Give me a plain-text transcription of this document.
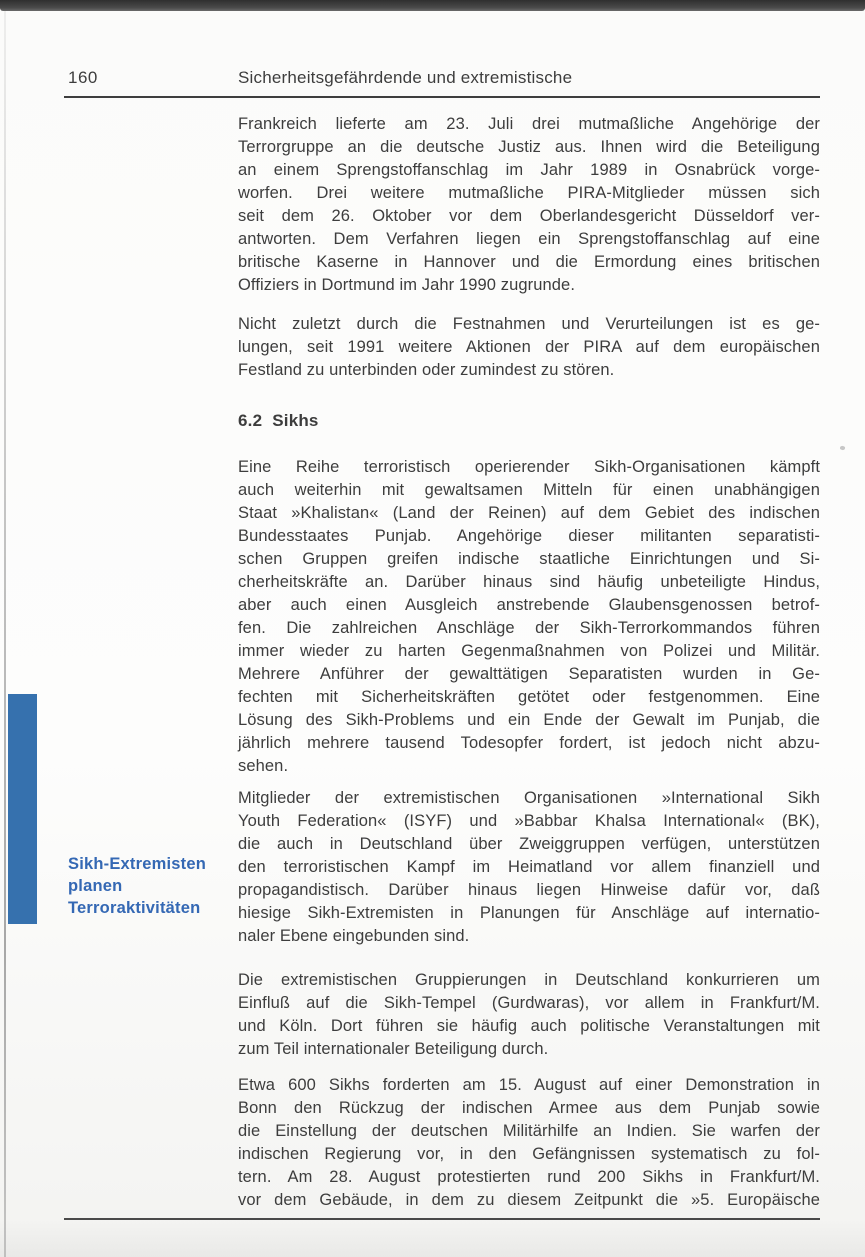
160	Sicherheitsgefährdende und extremistische
Frankreich lieferte am 23. Juli drei mutmaßliche Angehörige der
Terrorgruppe an die deutsche Justiz aus. Ihnen wird die Beteiligung
an einem Sprengstoffanschlag im Jahr 1989 in Osnabrück vorge-
worfen. Drei weitere mutmaßliche PIRA-Mitglieder müssen sich
seit dem 26. Oktober vor dem Oberlandesgericht Düsseldorf ver-
antworten. Dem Verfahren liegen ein Sprengstoffanschlag auf eine
britische Kaserne in Hannover und die Ermordung eines britischen
Offiziers in Dortmund im Jahr 1990 zugrunde.
Nicht zuletzt durch die Festnahmen und Verurteilungen ist es ge-
lungen, seit 1991 weitere Aktionen der PIRA auf dem europäischen
Festland zu unterbinden oder zumindest zu stören.
6.2 Sikhs
Eine Reihe terroristisch operierender Sikh-Organisationen kämpft
auch weiterhin mit gewaltsamen Mitteln für einen unabhängigen
Staat »Khalistan« (Land der Reinen) auf dem Gebiet des indischen
Bundesstaates Punjab. Angehörige dieser militanten separatisti-
schen Gruppen greifen indische staatliche Einrichtungen und Si-
cherheitskräfte an. Darüber hinaus sind häufig unbeteiligte Hindus,
aber auch einen Ausgleich anstrebende Glaubensgenossen betrof-
fen. Die zahlreichen Anschläge der Sikh-Terrorkommandos führen
immer wieder zu harten Gegenmaßnahmen von Polizei und Militär.
Mehrere Anführer der gewalttätigen Separatisten wurden in Ge-
fechten mit Sicherheitskräften getötet oder festgenommen. Eine
Lösung des Sikh-Problems und ein Ende der Gewalt im Punjab, die
jährlich mehrere tausend Todesopfer fordert, ist jedoch nicht abzu-
sehen.
Mitglieder der extremistischen Organisationen »International Sikh
Youth Federation« (ISYF) und »Babbar Khalsa International« (BK),
die auch in Deutschland über Zweiggruppen verfügen, unterstützen
den terroristischen Kampf im Heimatland vor allem finanziell und
propagandistisch. Darüber hinaus liegen Hinweise dafür vor, daß
hiesige Sikh-Extremisten in Planungen für Anschläge auf internatio-
naler Ebene eingebunden sind.
Die extremistischen Gruppierungen in Deutschland konkurrieren um
Einfluß auf die Sikh-Tempel (Gurdwaras), vor allem in Frankfurt/M.
und Köln. Dort führen sie häufig auch politische Veranstaltungen mit
zum Teil internationaler Beteiligung durch.
Etwa 600 Sikhs forderten am 15. August auf einer Demonstration in
Bonn den Rückzug der indischen Armee aus dem Punjab sowie
die Einstellung der deutschen Militärhilfe an Indien. Sie warfen der
indischen Regierung vor, in den Gefängnissen systematisch zu fol-
tern. Am 28. August protestierten rund 200 Sikhs in Frankfurt/M.
vor dem Gebäude, in dem zu diesem Zeitpunkt die »5. Europäische
Sikh-Extremisten
planen
Terroraktivitäten
